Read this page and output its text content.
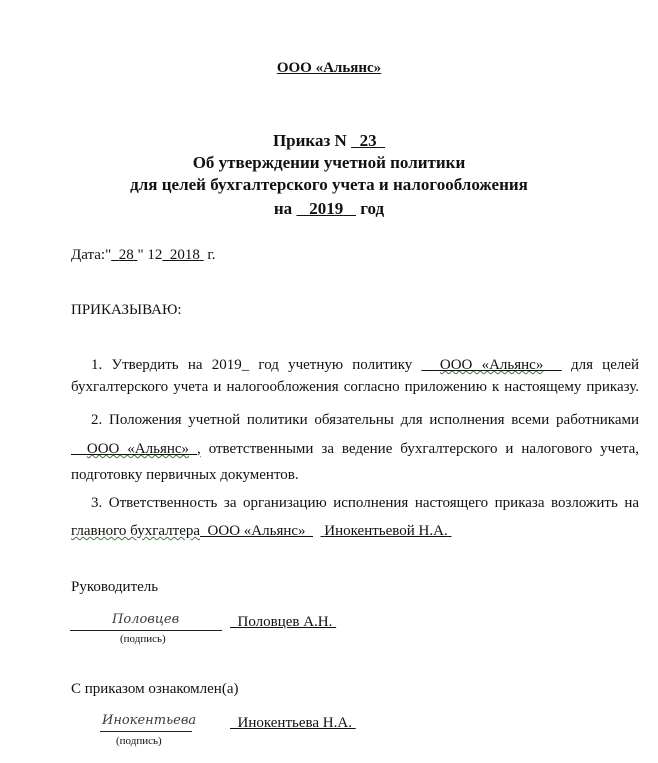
ООО «Альянс»
Приказ N 23
Об утверждении учетной политики
для целей бухгалтерского учета и налогообложения
на 2019 год
Дата:" 28 " 12 2018 г.
ПРИКАЗЫВАЮ:
1. Утвердить на 2019_ год учетную политику ООО «Альянс» для целей
бухгалтерского учета и налогообложения согласно приложению к настоящему приказу.
2. Положения учетной политики обязательны для исполнения всеми работниками
ООО «Альянс» , ответственными за ведение бухгалтерского и налогового учета,
подготовку первичных документов.
3. Ответственность за организацию исполнения настоящего приказа возложить на
главного бухгалтера ООО «Альянс» Инокентьевой Н.А.
Руководитель
Половцев
(подпись)
Половцев А.Н.
С приказом ознакомлен(а)
Инокентьева
(подпись)
Инокентьева Н.А.
